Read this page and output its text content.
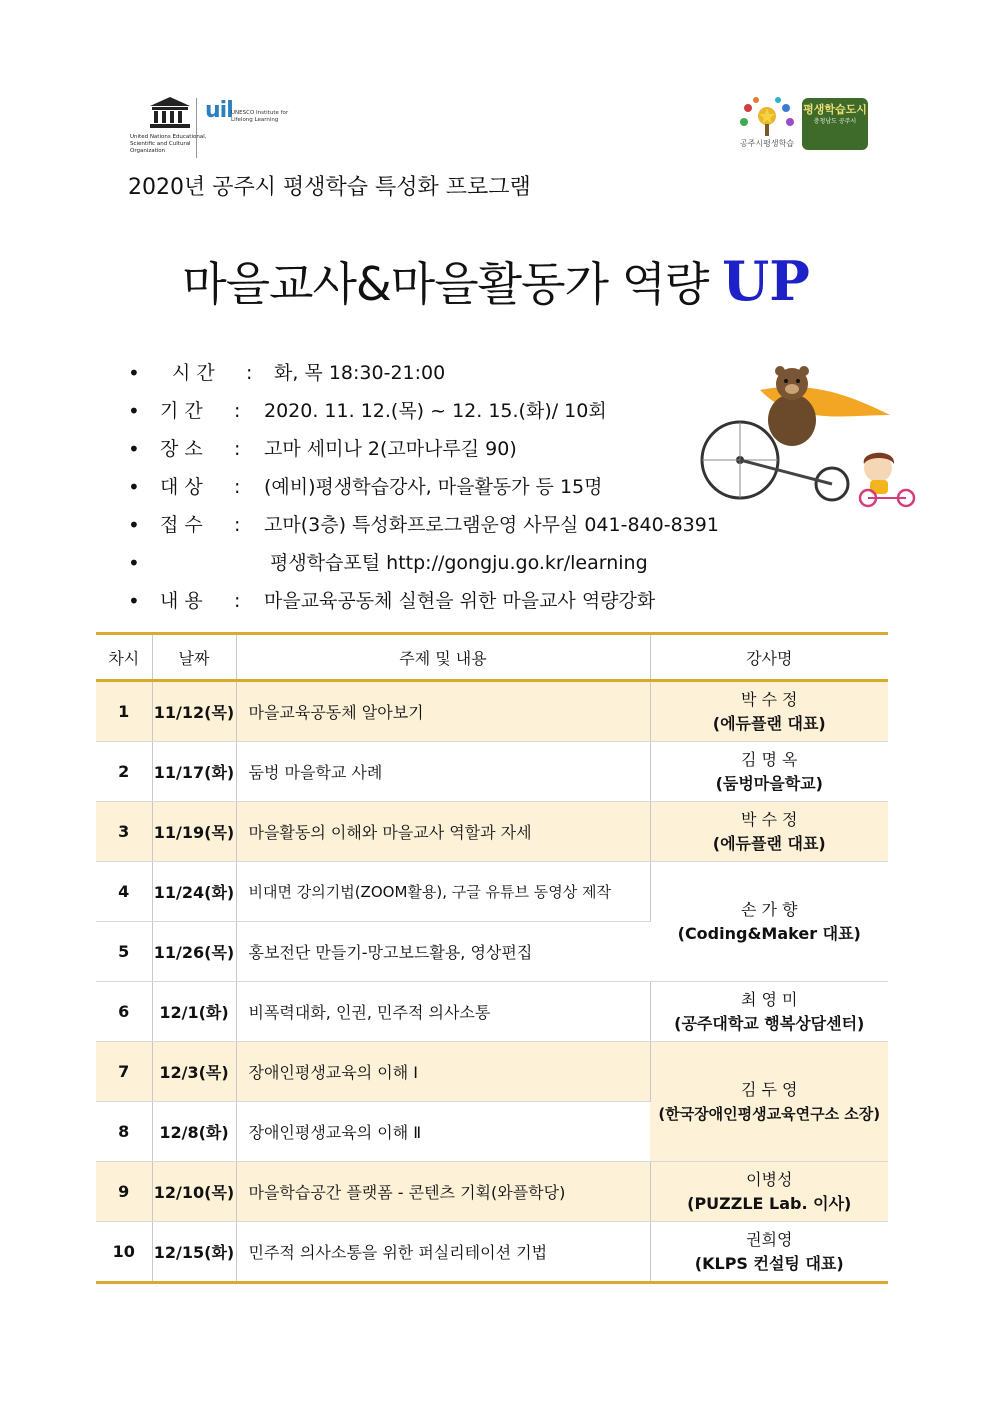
United Nations Educational, Scientific and Cultural Organization
uil
UNESCO Institute for Lifelong Learning
공주시평생학습
평생학습도시
충청남도 공주시
2020년 공주시 평생학습 특성화 프로그램
마을교사&마을활동가 역량 UP
• 시 간 : 화, 목 18:30-21:00
• 기 간 : 2020. 11. 12.(목) ~ 12. 15.(화)/ 10회
• 장 소 : 고마 세미나 2(고마나루길 90)
• 대 상 : (예비)평생학습강사, 마을활동가 등 15명
• 접 수 : 고마(3층) 특성화프로그램운영 사무실 041-840-8391
•	평생학습포털 http://gongju.go.kr/learning
• 내 용 : 마을교육공동체 실현을 위한 마을교사 역량강화
차시	날짜	주제 및 내용	강사명
1	11/12(목)	마을교육공동체 알아보기	박 수 정
(에듀플랜 대표)

2	11/17(화)	둠벙 마을학교 사례	김 명 옥
(둠벙마을학교)

3	11/19(목)	마을활동의 이해와 마을교사 역할과 자세	박 수 정
(에듀플랜 대표)

4	11/24(화)	비대면 강의기법(ZOOM활용), 구글 유튜브 동영상 제작	손 가 향
(Coding&Maker 대표)

5	11/26(목)	홍보전단 만들기-망고보드활용, 영상편집	
6	12/1(화)	비폭력대화, 인권, 민주적 의사소통	최 영 미
(공주대학교 행복상담센터)

7	12/3(목)	장애인평생교육의 이해 Ⅰ	김 두 영
(한국장애인평생교육연구소 소장)

8	12/8(화)	장애인평생교육의 이해 Ⅱ	
9	12/10(목)	마을학습공간 플랫폼 - 콘텐츠 기획(와플학당)	이병성
(PUZZLE Lab. 이사)

10	12/15(화)	민주적 의사소통을 위한 퍼실리테이션 기법	권희영
(KLPS 컨설팅 대표)
